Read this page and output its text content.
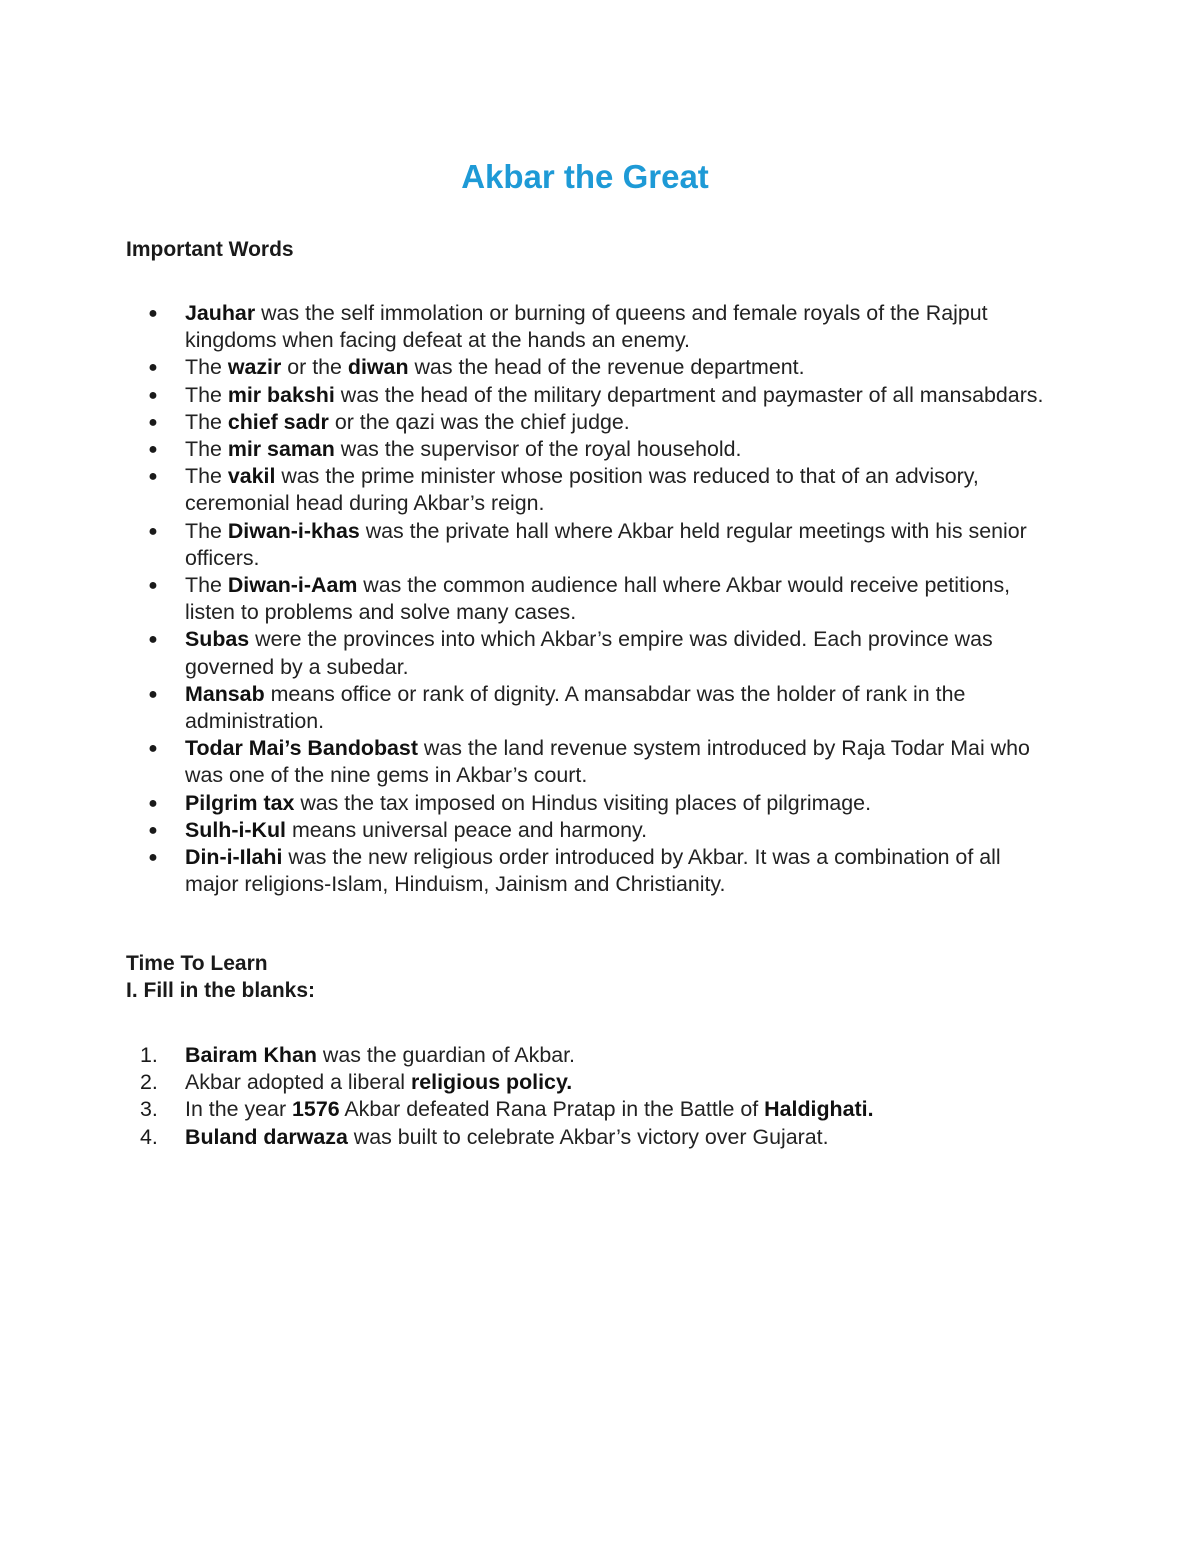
Akbar the Great
Important Words
● Jauhar was the self immolation or burning of queens and female royals of the Rajput kingdoms when facing defeat at the hands an enemy.
● The wazir or the diwan was the head of the revenue department.
● The mir bakshi was the head of the military department and paymaster of all mansabdars.
● The chief sadr or the qazi was the chief judge.
● The mir saman was the supervisor of the royal household.
● The vakil was the prime minister whose position was reduced to that of an advisory, ceremonial head during Akbar’s reign.
● The Diwan-i-khas was the private hall where Akbar held regular meetings with his senior officers.
● The Diwan-i-Aam was the common audience hall where Akbar would receive petitions, listen to problems and solve many cases.
● Subas were the provinces into which Akbar’s empire was divided. Each province was governed by a subedar.
● Mansab means office or rank of dignity. A mansabdar was the holder of rank in the administration.
● Todar Mai’s Bandobast was the land revenue system introduced by Raja Todar Mai who was one of the nine gems in Akbar’s court.
● Pilgrim tax was the tax imposed on Hindus visiting places of pilgrimage.
● Sulh-i-Kul means universal peace and harmony.
● Din-i-Ilahi was the new religious order introduced by Akbar. It was a combination of all major religions-Islam, Hinduism, Jainism and Christianity.
Time To Learn
I. Fill in the blanks:
1.	Bairam Khan was the guardian of Akbar.
2.	Akbar adopted a liberal religious policy.
3.	In the year 1576 Akbar defeated Rana Pratap in the Battle of Haldighati.
4.	Buland darwaza was built to celebrate Akbar’s victory over Gujarat.
